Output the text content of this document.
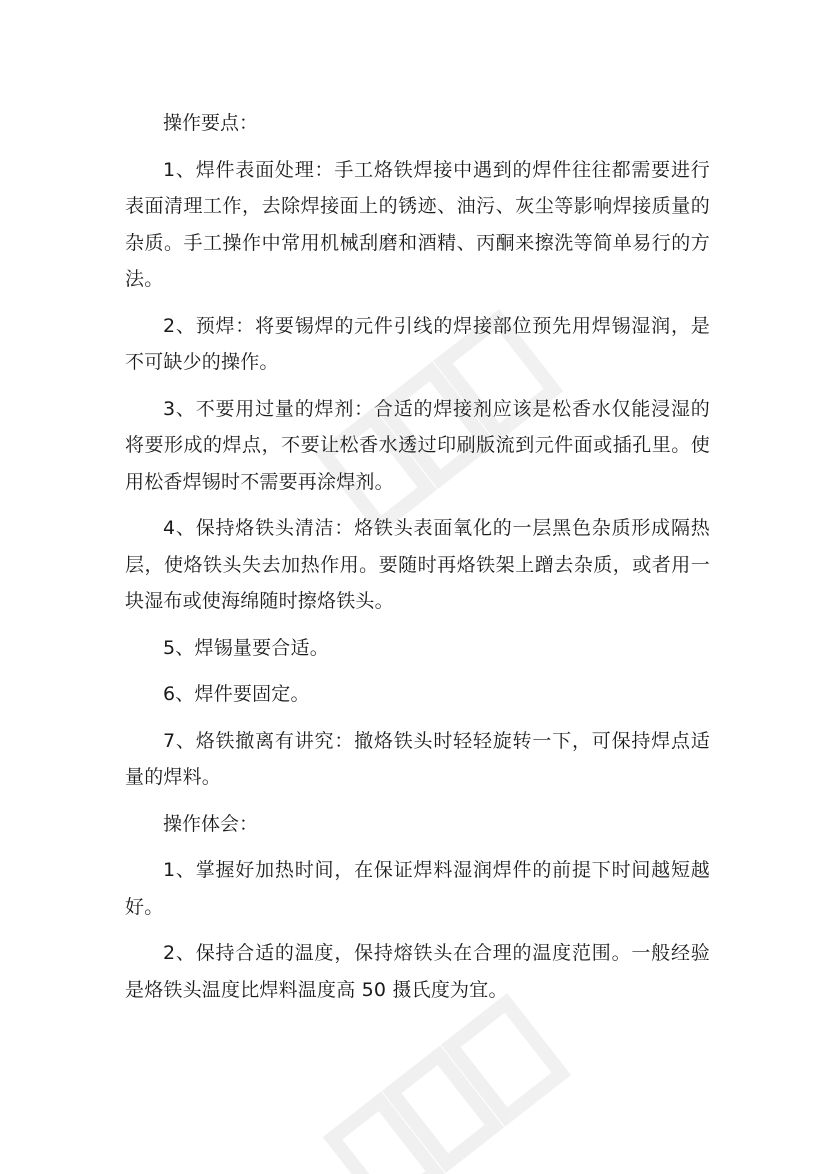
操作要点：

1、焊件表面处理：手工烙铁焊接中遇到的焊件往往都需要进行表面清理工作，去除焊接面上的锈迹、油污、灰尘等影响焊接质量的杂质。手工操作中常用机械刮磨和酒精、丙酮来擦洗等简单易行的方法。

2、预焊：将要锡焊的元件引线的焊接部位预先用焊锡湿润，是不可缺少的操作。

3、不要用过量的焊剂：合适的焊接剂应该是松香水仅能浸湿的将要形成的焊点，不要让松香水透过印刷版流到元件面或插孔里。使用松香焊锡时不需要再涂焊剂。

4、保持烙铁头清洁：烙铁头表面氧化的一层黑色杂质形成隔热层，使烙铁头失去加热作用。要随时再烙铁架上蹭去杂质，或者用一块湿布或使海绵随时擦烙铁头。

5、焊锡量要合适。

6、焊件要固定。

7、烙铁撤离有讲究：撤烙铁头时轻轻旋转一下，可保持焊点适量的焊料。

操作体会：

1、掌握好加热时间，在保证焊料湿润焊件的前提下时间越短越好。

2、保持合适的温度，保持熔铁头在合理的温度范围。一般经验是烙铁头温度比焊料温度高 50 摄氏度为宜。
